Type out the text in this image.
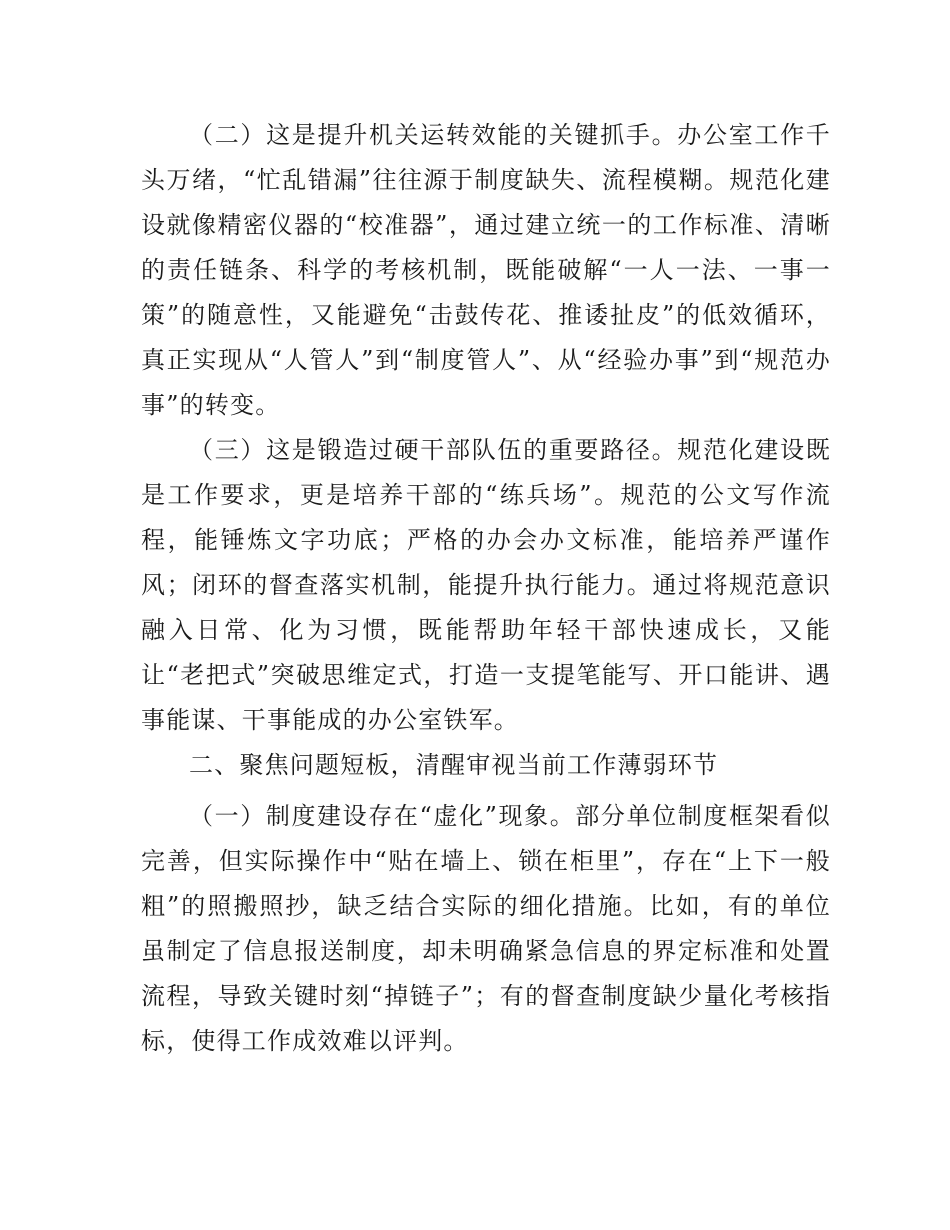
（二）这是提升机关运转效能的关键抓手。办公室工作千头万绪，“忙乱错漏”往往源于制度缺失、流程模糊。规范化建设就像精密仪器的“校准器”，通过建立统一的工作标准、清晰的责任链条、科学的考核机制，既能破解“一人一法、一事一策”的随意性，又能避免“击鼓传花、推诿扯皮”的低效循环，真正实现从“人管人”到“制度管人”、从“经验办事”到“规范办事”的转变。

（三）这是锻造过硬干部队伍的重要路径。规范化建设既是工作要求，更是培养干部的“练兵场”。规范的公文写作流程，能锤炼文字功底；严格的办会办文标准，能培养严谨作风；闭环的督查落实机制，能提升执行能力。通过将规范意识融入日常、化为习惯，既能帮助年轻干部快速成长，又能让“老把式”突破思维定式，打造一支提笔能写、开口能讲、遇事能谋、干事能成的办公室铁军。

二、聚焦问题短板，清醒审视当前工作薄弱环节

（一）制度建设存在“虚化”现象。部分单位制度框架看似完善，但实际操作中“贴在墙上、锁在柜里”，存在“上下一般粗”的照搬照抄，缺乏结合实际的细化措施。比如，有的单位虽制定了信息报送制度，却未明确紧急信息的界定标准和处置流程，导致关键时刻“掉链子”；有的督查制度缺少量化考核指标，使得工作成效难以评判。
